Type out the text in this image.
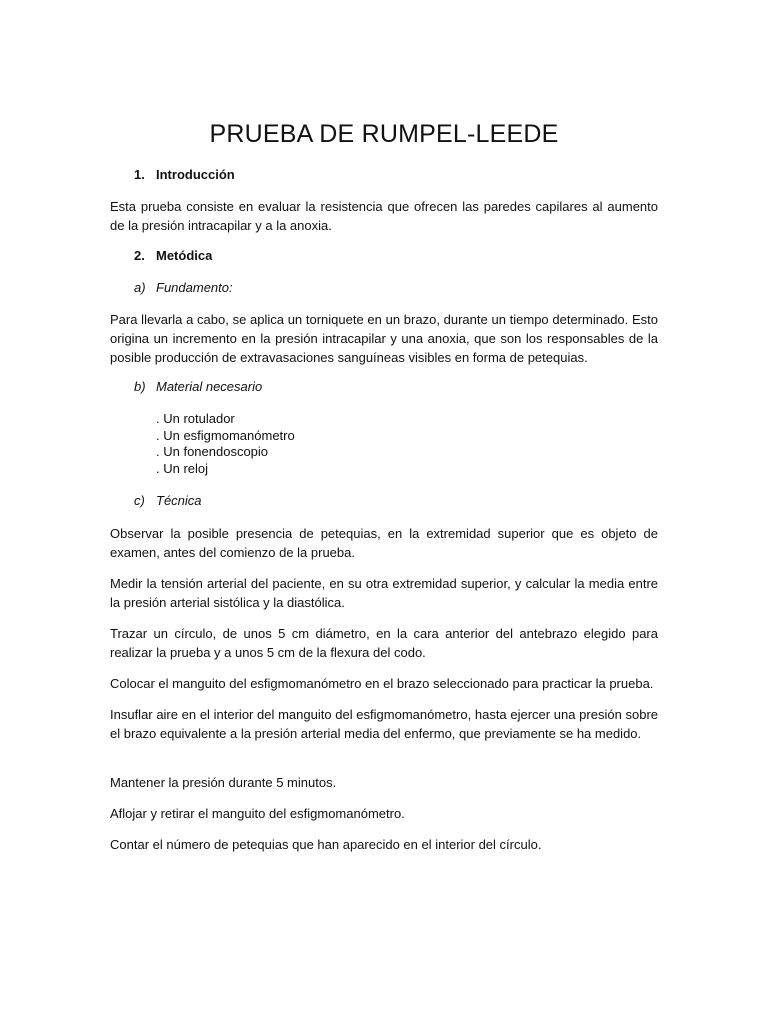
PRUEBA DE RUMPEL-LEEDE
1. Introducción

Esta prueba consiste en evaluar la resistencia que ofrecen las paredes capilares al aumento de la presión intracapilar y a la anoxia.

2. Metódica
a) Fundamento:

Para llevarla a cabo, se aplica un torniquete en un brazo, durante un tiempo determinado. Esto origina un incremento en la presión intracapilar y una anoxia, que son los responsables de la posible producción de extravasaciones sanguíneas visibles en forma de petequias.

b) Material necesario
. Un rotulador
. Un esfigmomanómetro
. Un fonendoscopio
. Un reloj
c) Técnica

Observar la posible presencia de petequias, en la extremidad superior que es objeto de examen, antes del comienzo de la prueba.

Medir la tensión arterial del paciente, en su otra extremidad superior, y calcular la media entre la presión arterial sistólica y la diastólica.

Trazar un círculo, de unos 5 cm diámetro, en la cara anterior del antebrazo elegido para realizar la prueba y a unos 5 cm de la flexura del codo.

Colocar el manguito del esfigmomanómetro en el brazo seleccionado para practicar la prueba.

Insuflar aire en el interior del manguito del esfigmomanómetro, hasta ejercer una presión sobre el brazo equivalente a la presión arterial media del enfermo, que previamente se ha medido.

Mantener la presión durante 5 minutos.

Aflojar y retirar el manguito del esfigmomanómetro.

Contar el número de petequias que han aparecido en el interior del círculo.
